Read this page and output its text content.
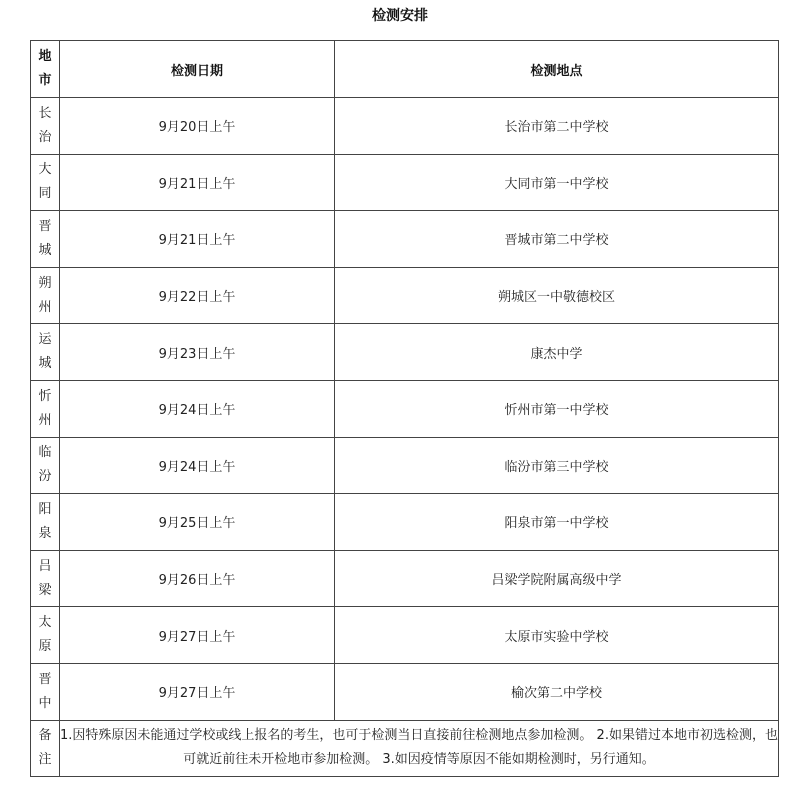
检测安排
地市	检测日期	检测地点

长治	9月20日上午	长治市第二中学校

大同	9月21日上午	大同市第一中学校

晋城	9月21日上午	晋城市第二中学校

朔州	9月22日上午	朔城区一中敬德校区

运城	9月23日上午	康杰中学

忻州	9月24日上午	忻州市第一中学校

临汾	9月24日上午	临汾市第三中学校

阳泉	9月25日上午	阳泉市第一中学校

吕梁	9月26日上午	吕梁学院附属高级中学

太原	9月27日上午	太原市实验中学校

晋中	9月27日上午	榆次第二中学校

备注	1.因特殊原因未能通过学校或线上报名的考生，也可于检测当日直接前往检测地点参加检测。 2.如果错过本地市初选检测，也可就近前往未开检地市参加检测。 3.如因疫情等原因不能如期检测时，另行通知。	
